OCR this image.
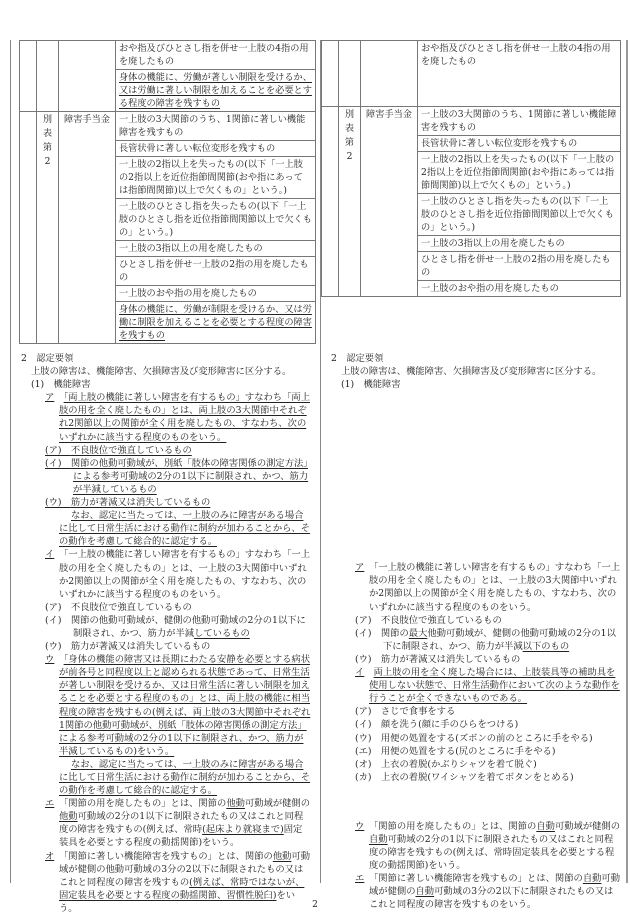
			おや指及びひとさし指を併せ一上肢の4指の用を廃したもの
			身体の機能に、労働が著しい制限を受けるか、又は労働に著しい制限を加えることを必要とする程度の障害を残すもの

	別
表
第
2	障害手当金	一上肢の3大関節のうち、1関節に著しい機能障害を残すもの
			長管状骨に著しい転位変形を残すもの
			一上肢の2指以上を失ったもの(以下「一上肢の2指以上を近位指節間関節(おや指にあっては指節間関節)以上で欠くもの」という。)
			一上肢のひとさし指を失ったもの(以下「一上肢のひとさし指を近位指節間関節以上で欠くもの」という。)
			一上肢の3指以上の用を廃したもの
			ひとさし指を併せ一上肢の2指の用を廃したもの
			一上肢のおや指の用を廃したもの
			身体の機能に、労働が制限を受けるか、又は労働に制限を加えることを必要とする程度の障害を残すもの

2　認定要領

上肢の障害は、機能障害、欠損障害及び変形障害に区分する。

(1)　機能障害

ア　 「両上肢の機能に著しい障害を有するもの」すなわち「両上肢の用を全く廃したもの」とは、両上肢の3大関節中それぞれ2関節以上の関節が全く用を廃したもの、すなわち、次のいずれかに該当する程度のものをいう。

(ア)　 不良肢位で強直しているもの

(イ)　 関節の他動可動域が、別紙「肢体の障害関係の測定方法」による参考可動域の2分の1以下に制限され、かつ、筋力が半減しているもの

(ウ)　 筋力が著減又は消失しているもの

なお、認定に当たっては、一上肢のみに障害がある場合に比して日常生活における動作に制約が加わることから、その動作を考慮して総合的に認定する。

イ　 「一上肢の機能に著しい障害を有するもの」すなわち「一上肢の用を全く廃したもの」とは、一上肢の3大関節中いずれか2関節以上の関節が全く用を廃したもの、すなわち、次のいずれかに該当する程度のものをいう。

(ア)　 不良肢位で強直しているもの

(イ)　 関節の他動可動域が、健側の他動可動域の2分の1以下に制限され、かつ、筋力が半減しているもの

(ウ)　 筋力が著減又は消失しているもの

ウ　 「身体の機能の障害又は長期にわたる安静を必要とする病状が前各号と同程度以上と認められる状態であって、日常生活が著しい制限を受けるか、又は日常生活に著しい制限を加えることを必要とする程度のもの」とは、両上肢の機能に相当程度の障害を残すもの(例えば、両上肢の3大関節中それぞれ1関節の他動可動域が、別紙「肢体の障害関係の測定方法」による参考可動域の2分の1以下に制限され、かつ、筋力が半減しているもの)をいう。

なお、認定に当たっては、一上肢のみに障害がある場合に比して日常生活における動作に制約が加わることから、その動作を考慮して総合的に認定する。

エ　 「関節の用を廃したもの」とは、関節の他動可動域が健側の他動可動域の2分の1以下に制限されたもの又はこれと同程度の障害を残すもの(例えば、常時(起床より就寝まで)固定装具を必要とする程度の動揺関節)をいう。

オ　 「関節に著しい機能障害を残すもの」とは、関節の他動可動域が健側の他動可動域の3分の2以下に制限されたもの又はこれと同程度の障害を残すもの(例えば、常時ではないが、固定装具を必要とする程度の動揺関節、習慣性脱臼)をいう。

			おや指及びひとさし指を併せ一上肢の4指の用を廃したもの

	別
表
第
2	障害手当金	一上肢の3大関節のうち、1関節に著しい機能障害を残すもの
			長管状骨に著しい転位変形を残すもの
			一上肢の2指以上を失ったもの(以下「一上肢の2指以上を近位指節間関節(おや指にあっては指節間関節)以上で欠くもの」という。)
			一上肢のひとさし指を失ったもの(以下「一上肢のひとさし指を近位指節間関節以上で欠くもの」という。)
			一上肢の3指以上の用を廃したもの
			ひとさし指を併せ一上肢の2指の用を廃したもの
			一上肢のおや指の用を廃したもの

2　認定要領

上肢の障害は、機能障害、欠損障害及び変形障害に区分する。

(1)　機能障害

ア　 「一上肢の機能に著しい障害を有するもの」すなわち「一上肢の用を全く廃したもの」とは、一上肢の3大関節中いずれか2関節以上の関節が全く用を廃したもの、すなわち、次のいずれかに該当する程度のものをいう。

(ア)　 不良肢位で強直しているもの

(イ)　 関節の最大他動可動域が、健側の他動可動域の2分の1以下に制限され、かつ、筋力が半減以下のもの

(ウ)　 筋力が著減又は消失しているもの

イ　 両上肢の用を全く廃した場合には、上肢装具等の補助具を使用しない状態で、日常生活動作において次のような動作を行うことが全くできないものである。

(ア)　 さじで食事をする

(イ)　 顔を洗う(顔に手のひらをつける)

(ウ)　 用便の処置をする(ズボンの前のところに手をやる)

(エ)　 用便の処置をする(尻のところに手をやる)

(オ)　 上衣の着脱(かぶりシャツを着て脱ぐ)

(カ)　 上衣の着脱(ワイシャツを着てボタンをとめる)

ウ　 「関節の用を廃したもの」とは、関節の自動可動域が健側の自動可動域の2分の1以下に制限されたもの又はこれと同程度の障害を残すもの(例えば、常時固定装具を必要とする程度の動揺関節)をいう。

エ　 「関節に著しい機能障害を残すもの」とは、関節の自動可動域が健側の自動可動域の3分の2以下に制限されたもの又はこれと同程度の障害を残すものをいう。

2
